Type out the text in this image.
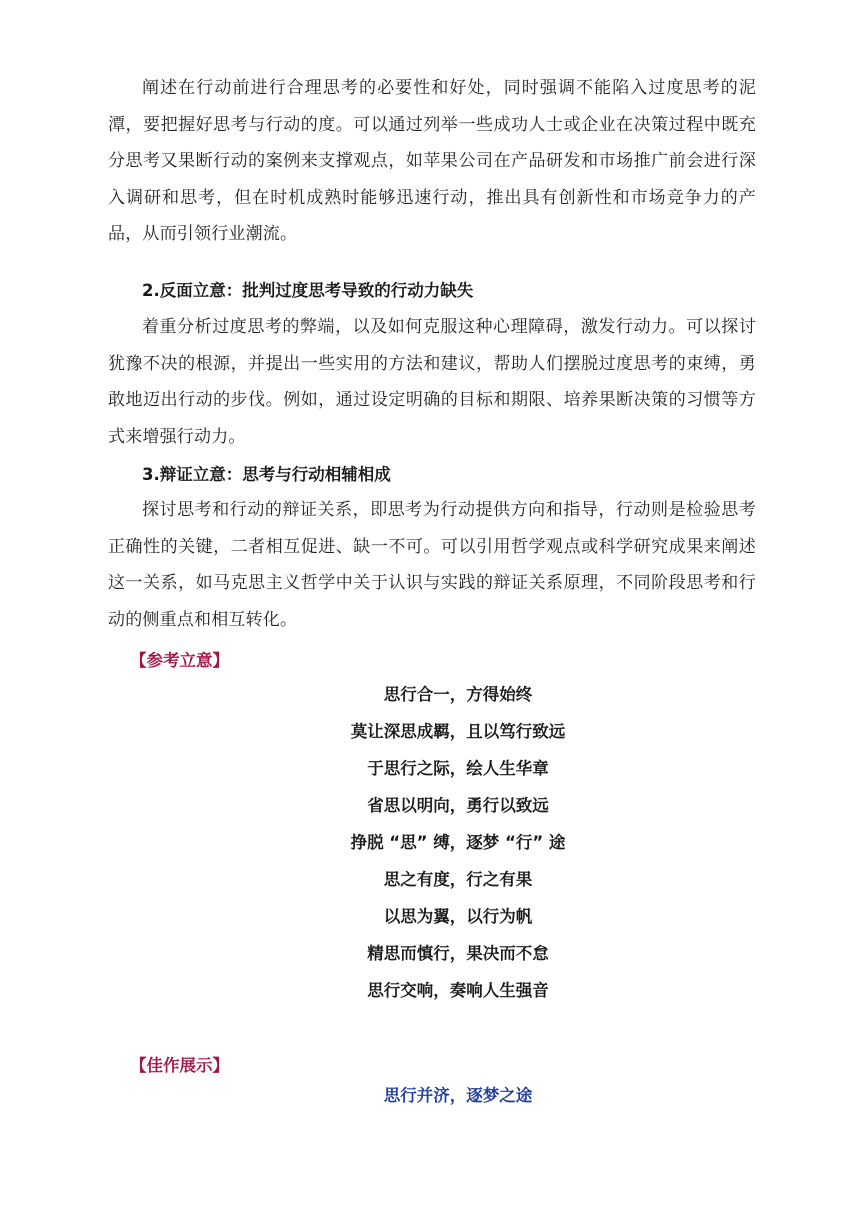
阐述在行动前进行合理思考的必要性和好处，同时强调不能陷入过度思考的泥潭，要把握好思考与行动的度。可以通过列举一些成功人士或企业在决策过程中既充分思考又果断行动的案例来支撑观点，如苹果公司在产品研发和市场推广前会进行深入调研和思考，但在时机成熟时能够迅速行动，推出具有创新性和市场竞争力的产品，从而引领行业潮流。

2.反面立意：批判过度思考导致的行动力缺失

着重分析过度思考的弊端，以及如何克服这种心理障碍，激发行动力。可以探讨犹豫不决的根源，并提出一些实用的方法和建议，帮助人们摆脱过度思考的束缚，勇敢地迈出行动的步伐。例如，通过设定明确的目标和期限、培养果断决策的习惯等方式来增强行动力。

3.辩证立意：思考与行动相辅相成

探讨思考和行动的辩证关系，即思考为行动提供方向和指导，行动则是检验思考正确性的关键，二者相互促进、缺一不可。可以引用哲学观点或科学研究成果来阐述这一关系，如马克思主义哲学中关于认识与实践的辩证关系原理，不同阶段思考和行动的侧重点和相互转化。

【参考立意】
思行合一，方得始终
莫让深思成羁，且以笃行致远
于思行之际，绘人生华章
省思以明向，勇行以致远
挣脱 “思” 缚，逐梦 “行” 途
思之有度，行之有果
以思为翼，以行为帆
精思而慎行，果决而不怠
思行交响，奏响人生强音
【佳作展示】
思行并济，逐梦之途
